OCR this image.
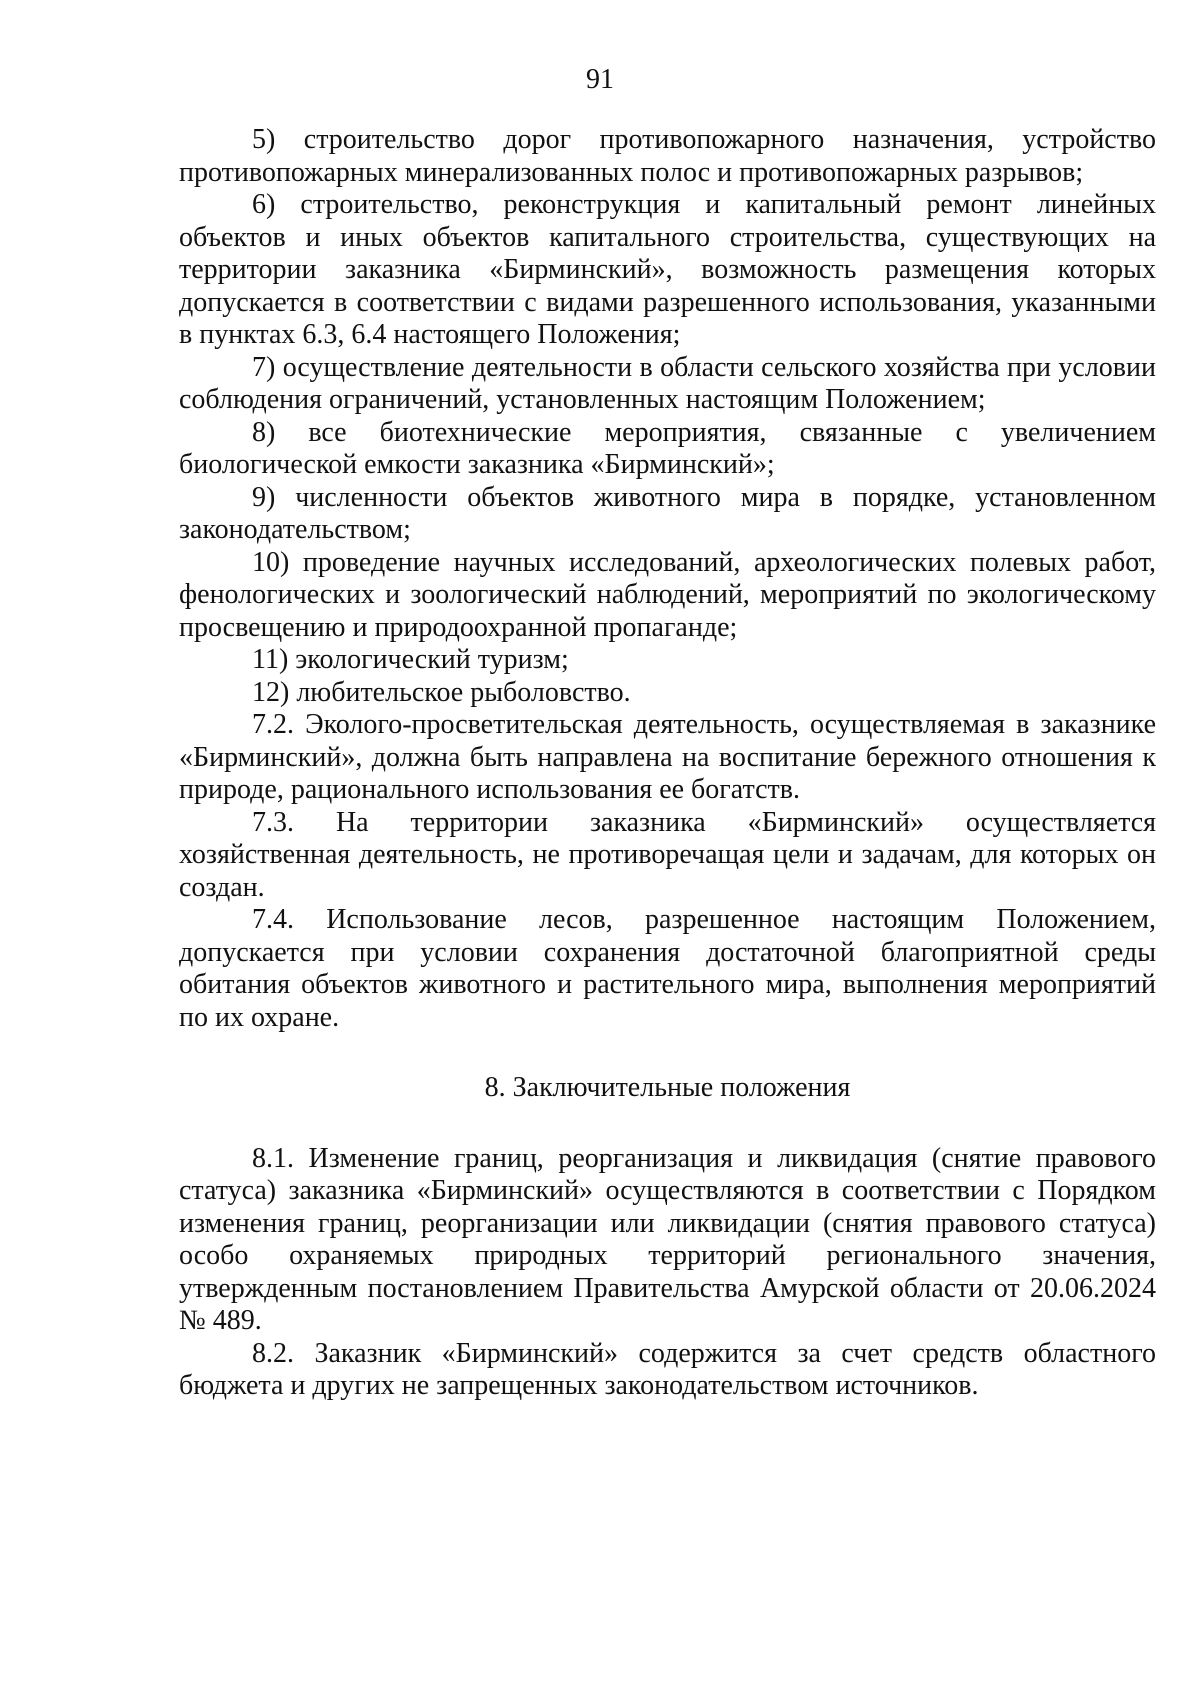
91

5) строительство дорог противопожарного назначения, устройство противопожарных минерализованных полос и противопожарных разрывов;

6) строительство, реконструкция и капитальный ремонт линейных объектов и иных объектов капитального строительства, существующих на территории заказника «Бирминский», возможность размещения которых допускается в соответствии с видами разрешенного использования, указанными в пунктах 6.3, 6.4 настоящего Положения;

7) осуществление деятельности в области сельского хозяйства при условии соблюдения ограничений, установленных настоящим Положением;

8) все биотехнические мероприятия, связанные с увеличением биологической емкости заказника «Бирминский»;

9) численности объектов животного мира в порядке, установленном законодательством;

10) проведение научных исследований, археологических полевых работ, фенологических и зоологический наблюдений, мероприятий по экологическому просвещению и природоохранной пропаганде;

11) экологический туризм;

12) любительское рыболовство.

7.2. Эколого-просветительская деятельность, осуществляемая в заказнике «Бирминский», должна быть направлена на воспитание бережного отношения к природе, рационального использования ее богатств.

7.3. На территории заказника «Бирминский» осуществляется хозяйственная деятельность, не противоречащая цели и задачам, для которых он создан.

7.4. Использование лесов, разрешенное настоящим Положением, допускается при условии сохранения достаточной благоприятной среды обитания объектов животного и растительного мира, выполнения мероприятий по их охране.

8. Заключительные положения

8.1. Изменение границ, реорганизация и ликвидация (снятие правового статуса) заказника «Бирминский» осуществляются в соответствии с Порядком изменения границ, реорганизации или ликвидации (снятия правового статуса) особо охраняемых природных территорий регионального значения, утвержденным постановлением Правительства Амурской области от 20.06.2024 № 489.

8.2. Заказник «Бирминский» содержится за счет средств областного бюджета и других не запрещенных законодательством источников.
